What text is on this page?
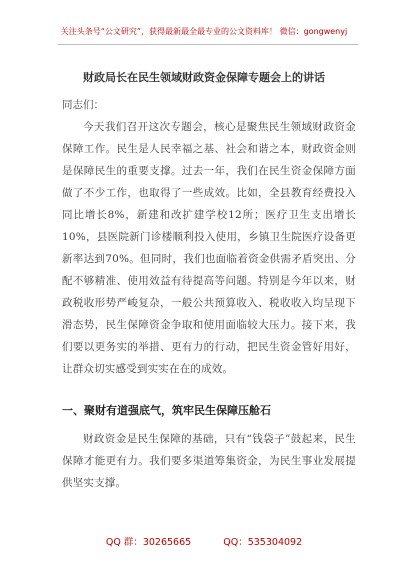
关注头条号“公文研究”，获得最新最全最专业的公文资料库！ 微信：gongwenyj
财政局长在民生领域财政资金保障专题会上的讲话
同志们：
今天我们召开这次专题会，核心是聚焦民生领域财政资金保障工作。民生是人民幸福之基、社会和谐之本，财政资金则是保障民生的重要支撑。过去一年，我们在民生资金保障方面做了不少工作，也取得了一些成效。比如，全县教育经费投入同比增长8%，新建和改扩建学校12所；医疗卫生支出增长10%，县医院新门诊楼顺利投入使用，乡镇卫生院医疗设备更新率达到70%。但同时，我们也面临着资金供需矛盾突出、分配不够精准、使用效益有待提高等问题。特别是今年以来，财政税收形势严峻复杂，一般公共预算收入、税收收入均呈现下滑态势，民生保障资金争取和使用面临较大压力。接下来，我们要以更务实的举措、更有力的行动，把民生资金管好用好，让群众切实感受到实实在在的成效。
一、聚财有道强底气，筑牢民生保障压舱石
财政资金是民生保障的基础，只有“钱袋子”鼓起来，民生保障才能更有力。我们要多渠道筹集资金，为民生事业发展提供坚实支撑。
QQ 群：30265665	QQ：535304092
